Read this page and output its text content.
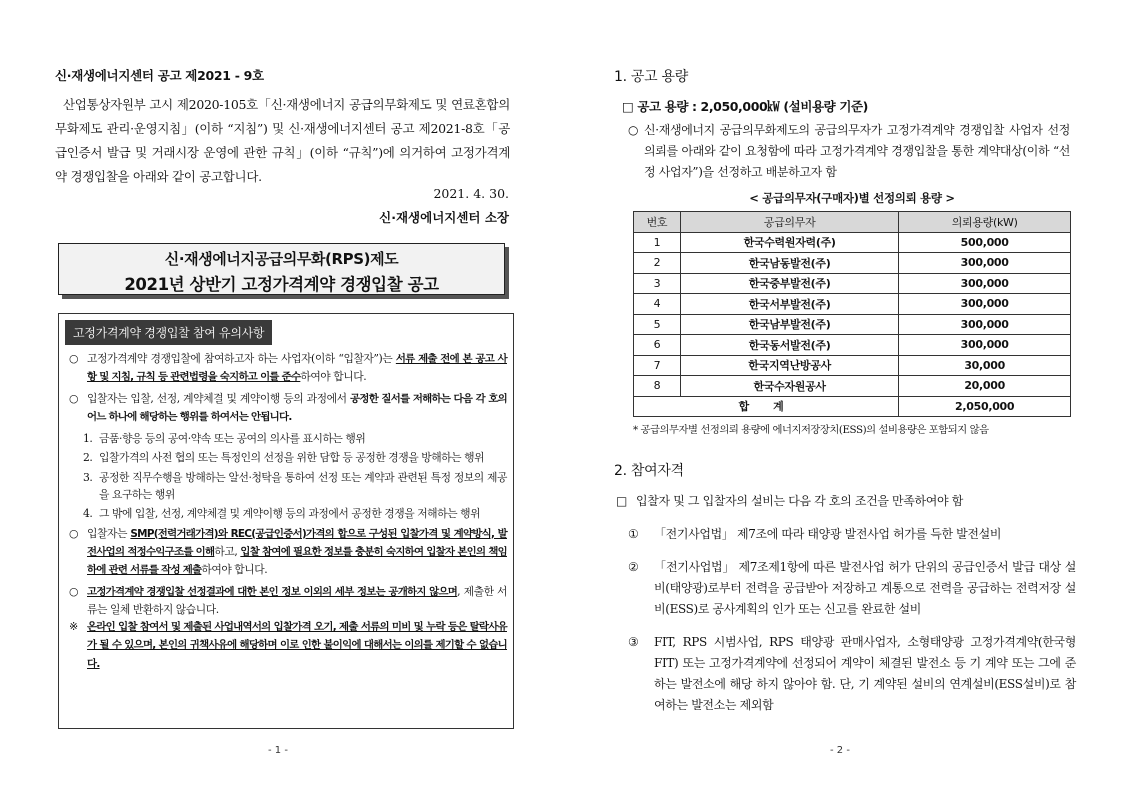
신·재생에너지센터 공고 제2021 - 9호
산업통상자원부 고시 제2020-105호「신·재생에너지 공급의무화제도 및 연료혼합의무화제도 관리·운영지침」(이하 “지침”) 및 신·재생에너지센터 공고 제2021-8호「공급인증서 발급 및 거래시장 운영에 관한 규칙」(이하 “규칙”)에 의거하여 고정가격계약 경쟁입찰을 아래와 같이 공고합니다.
2021. 4. 30.
신·재생에너지센터 소장
신·재생에너지공급의무화(RPS)제도
2021년 상반기 고정가격계약 경쟁입찰 공고
고정가격계약 경쟁입찰 참여 유의사항
○ 고정가격계약 경쟁입찰에 참여하고자 하는 사업자(이하 “입찰자”)는 서류 제출 전에 본 공고 사항 및 지침, 규칙 등 관련법령을 숙지하고 이를 준수하여야 합니다.
○ 입찰자는 입찰, 선정, 계약체결 및 계약이행 등의 과정에서 공정한 질서를 저해하는 다음 각 호의 어느 하나에 해당하는 행위를 하여서는 안됩니다.
1. 금품·향응 등의 공여·약속 또는 공여의 의사를 표시하는 행위
2. 입찰가격의 사전 협의 또는 특정인의 선정을 위한 담합 등 공정한 경쟁을 방해하는 행위
3. 공정한 직무수행을 방해하는 알선·청탁을 통하여 선정 또는 계약과 관련된 특정 정보의 제공을 요구하는 행위
4. 그 밖에 입찰, 선정, 계약체결 및 계약이행 등의 과정에서 공정한 경쟁을 저해하는 행위
○ 입찰자는 SMP(전력거래가격)와 REC(공급인증서)가격의 합으로 구성된 입찰가격 및 계약방식, 발전사업의 적정수익구조를 이해하고, 입찰 참여에 필요한 정보를 충분히 숙지하여 입찰자 본인의 책임하에 관련 서류를 작성 제출하여야 합니다.
○ 고정가격계약 경쟁입찰 선정결과에 대한 본인 정보 이외의 세부 정보는 공개하지 않으며, 제출한 서류는 일체 반환하지 않습니다.
※ 온라인 입찰 참여서 및 제출된 사업내역서의 입찰가격 오기, 제출 서류의 미비 및 누락 등은 탈락사유가 될 수 있으며, 본인의 귀책사유에 해당하며 이로 인한 불이익에 대해서는 이의를 제기할 수 없습니다.
- 1 -
1. 공고 용량
□ 공고 용량 : 2,050,000㎾ (설비용량 기준)
○ 신·재생에너지 공급의무화제도의 공급의무자가 고정가격계약 경쟁입찰 사업자 선정의뢰를 아래와 같이 요청함에 따라 고정가격계약 경쟁입찰을 통한 계약대상(이하 “선정 사업자”)을 선정하고 배분하고자 함
< 공급의무자(구매자)별 선정의뢰 용량 >
번호	공급의무자	의뢰용량(kW)
1	한국수력원자력(주)	500,000
2	한국남동발전(주)	300,000
3	한국중부발전(주)	300,000
4	한국서부발전(주)	300,000
5	한국남부발전(주)	300,000
6	한국동서발전(주)	300,000
7	한국지역난방공사	30,000
8	한국수자원공사	20,000
합 계		2,050,000
* 공급의무자별 선정의뢰 용량에 에너지저장장치(ESS)의 설비용량은 포함되지 않음
2. 참여자격
□ 입찰자 및 그 입찰자의 설비는 다음 각 호의 조건을 만족하여야 함
① 「전기사업법」 제7조에 따라 태양광 발전사업 허가를 득한 발전설비
② 「전기사업법」 제7조제1항에 따른 발전사업 허가 단위의 공급인증서 발급 대상 설비(태양광)로부터 전력을 공급받아 저장하고 계통으로 전력을 공급하는 전력저장 설비(ESS)로 공사계획의 인가 또는 신고를 완료한 설비
③ FIT, RPS 시범사업, RPS 태양광 판매사업자, 소형태양광 고정가격계약(한국형FIT) 또는 고정가격계약에 선정되어 계약이 체결된 발전소 등 기 계약 또는 그에 준하는 발전소에 해당 하지 않아야 함. 단, 기 계약된 설비의 연계설비(ESS설비)로 참여하는 발전소는 제외함
- 2 -
